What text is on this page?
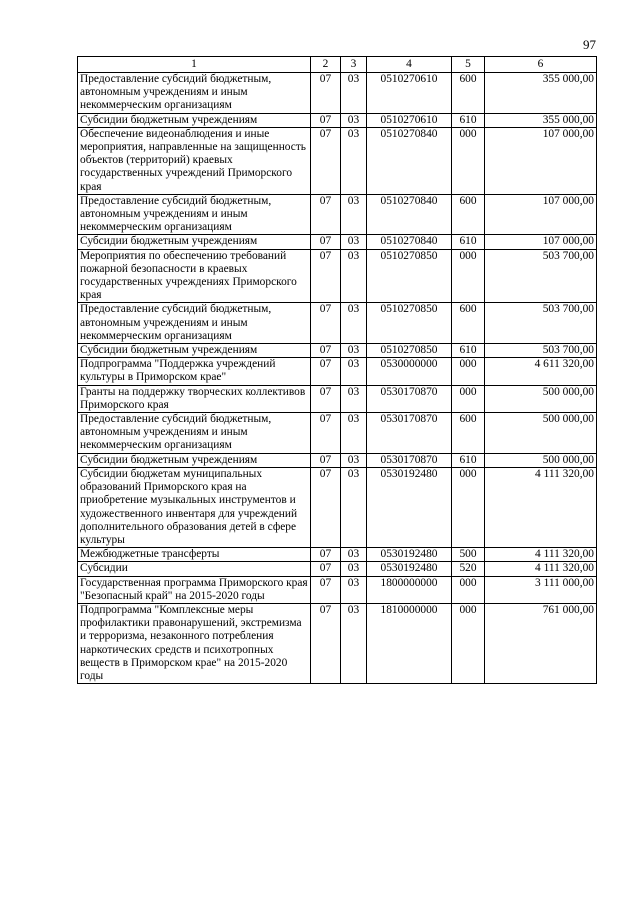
97
1	2	3	4	5	6
Предоставление субсидий бюджетным, автономным учреждениям и иным некоммерческим организациям	07	03	0510270610	600	355 000,00
Субсидии бюджетным учреждениям	07	03	0510270610	610	355 000,00
Обеспечение видеонаблюдения и иные мероприятия, направленные на защищенность объектов (территорий) краевых государственных учреждений Приморского края	07	03	0510270840	000	107 000,00
Предоставление субсидий бюджетным, автономным учреждениям и иным некоммерческим организациям	07	03	0510270840	600	107 000,00
Субсидии бюджетным учреждениям	07	03	0510270840	610	107 000,00
Мероприятия по обеспечению требований пожарной безопасности в краевых государственных учреждениях Приморского края	07	03	0510270850	000	503 700,00
Предоставление субсидий бюджетным, автономным учреждениям и иным некоммерческим организациям	07	03	0510270850	600	503 700,00
Субсидии бюджетным учреждениям	07	03	0510270850	610	503 700,00
Подпрограмма "Поддержка учреждений культуры в Приморском крае"	07	03	0530000000	000	4 611 320,00
Гранты на поддержку творческих коллективов Приморского края	07	03	0530170870	000	500 000,00
Предоставление субсидий бюджетным, автономным учреждениям и иным некоммерческим организациям	07	03	0530170870	600	500 000,00
Субсидии бюджетным учреждениям	07	03	0530170870	610	500 000,00
Субсидии бюджетам муниципальных образований Приморского края на приобретение музыкальных инструментов и художественного инвентаря для учреждений дополнительного образования детей в сфере культуры	07	03	0530192480	000	4 111 320,00
Межбюджетные трансферты	07	03	0530192480	500	4 111 320,00
Субсидии	07	03	0530192480	520	4 111 320,00
Государственная программа Приморского края "Безопасный край" на 2015-2020 годы	07	03	1800000000	000	3 111 000,00
Подпрограмма "Комплексные меры профилактики правонарушений, экстремизма и терроризма, незаконного потребления наркотических средств и психотропных веществ в Приморском крае" на 2015-2020 годы	07	03	1810000000	000	761 000,00
